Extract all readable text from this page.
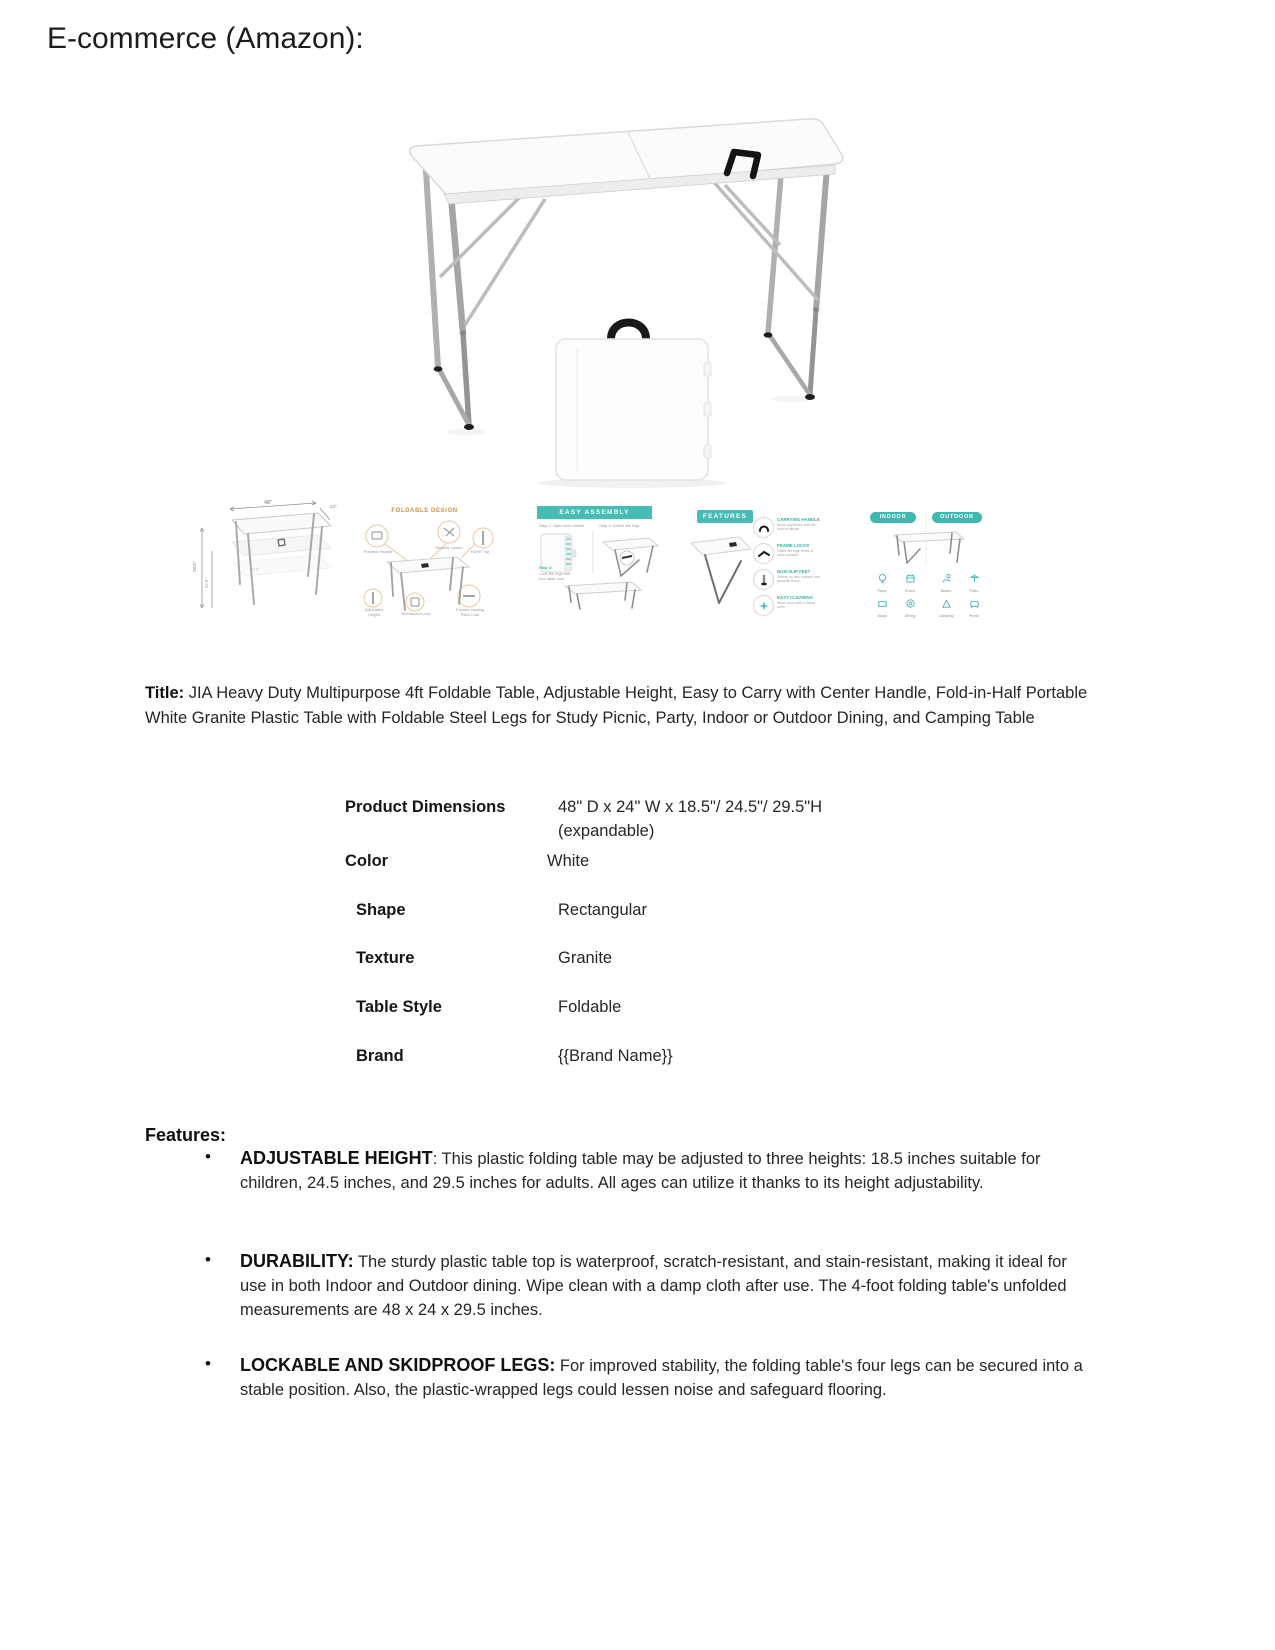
E-commerce (Amazon):
48"
24"
29.5"
24.5"
FOLDABLE DESIGN
Portable Handle
Security Locker
HDPE Top
Adjustable Height	Reinforced Lock
Powder-coating Paint Coat
EASY ASSEMBLY
Step 1: Open from middle	Step 2: Unfold the legs
Step 3:
Lock the legs and turn table over
FEATURES	CARRYING HANDLE
Move anywhere with the built-in handle
FRAME LOCKS
Holds the legs firmly in open position
NON-SLIP FEET
Steady on any surface and protects floors
EASY CLEANING
Wipe clean with a damp cloth
INDOOR	OUTDOOR
Party	Event
Study	Dining
Beach	Patio
Camping	Picnic
Title: JIA Heavy Duty Multipurpose 4ft Foldable Table, Adjustable Height, Easy to Carry with Center Handle, Fold-in-Half Portable White Granite Plastic Table with Foldable Steel Legs for Study Picnic, Party, Indoor or Outdoor Dining, and Camping Table
Product Dimensions	48" D x 24" W x 18.5"/ 24.5"/ 29.5"H
(expandable)
Color	White
Shape	Rectangular
Texture	Granite
Table Style	Foldable
Brand	{{Brand Name}}
Features:
• ADJUSTABLE HEIGHT: This plastic folding table may be adjusted to three heights: 18.5 inches suitable for children, 24.5 inches, and 29.5 inches for adults. All ages can utilize it thanks to its height adjustability.
• DURABILITY: The sturdy plastic table top is waterproof, scratch-resistant, and stain-resistant, making it ideal for use in both Indoor and Outdoor dining. Wipe clean with a damp cloth after use. The 4-foot folding table's unfolded measurements are 48 x 24 x 29.5 inches.
• LOCKABLE AND SKIDPROOF LEGS: For improved stability, the folding table's four legs can be secured into a stable position. Also, the plastic-wrapped legs could lessen noise and safeguard flooring.
